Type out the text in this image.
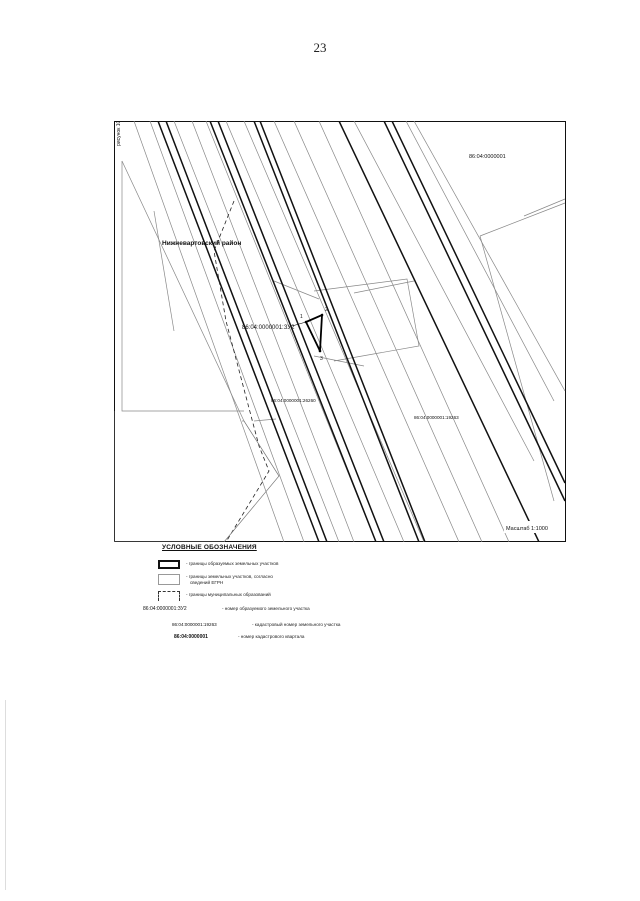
23
рисунок 10
Нижневартовский район
86:04:0000001
86:04:0000001:ЗУ2
86:04:0000001:26260
86:04:0000001:19263
1
2
3
Масштаб 1:1000
УСЛОВНЫЕ ОБОЗНАЧЕНИЯ
- границы образуемых земельных участков
- границы земельных участков, согласно
сведений ЕГРН
- границы муниципальных образований
86:04:0000001:ЗУ2	- номер образуемого земельного участка
86:04:0000001:19263	- кадастровый номер земельного участка
86:04:0000001	- номер кадастрового квартала
